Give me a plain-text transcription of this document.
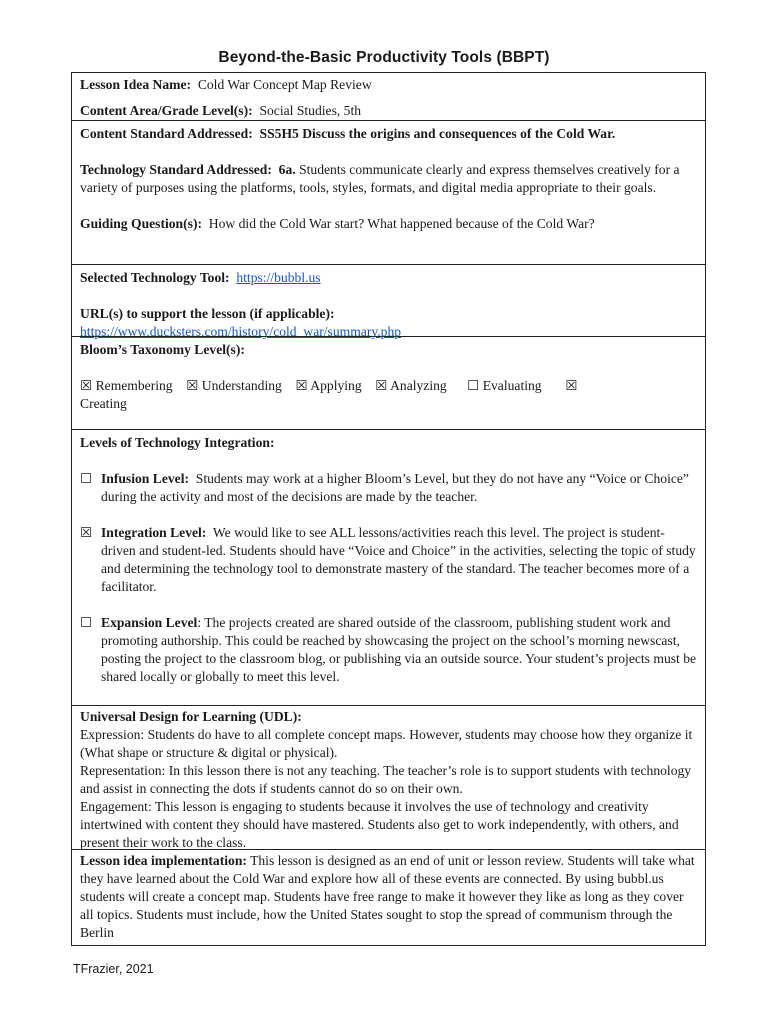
Beyond-the-Basic Productivity Tools (BBPT)

Lesson Idea Name: Cold War Concept Map Review

Content Area/Grade Level(s): Social Studies, 5th

Content Standard Addressed: SS5H5 Discuss the origins and consequences of the Cold War.

Technology Standard Addressed: 6a. Students communicate clearly and express themselves creatively for a variety of purposes using the platforms, tools, styles, formats, and digital media appropriate to their goals.

Guiding Question(s): How did the Cold War start? What happened because of the Cold War?

Selected Technology Tool: https://bubbl.us

URL(s) to support the lesson (if applicable):

https://www.ducksters.com/history/cold_war/summary.php

Bloom’s Taxonomy Level(s):

☒ Remembering ☒ Understanding ☒ Applying ☒ Analyzing	☐ Evaluating	☒
Creating

Levels of Technology Integration:

☐ Infusion Level: Students may work at a higher Bloom’s Level, but they do not have any “Voice or Choice” during the activity and most of the decisions are made by the teacher.

☒ Integration Level: We would like to see ALL lessons/activities reach this level. The project is student-driven and student-led. Students should have “Voice and Choice” in the activities, selecting the topic of study and determining the technology tool to demonstrate mastery of the standard. The teacher becomes more of a facilitator.

☐ Expansion Level: The projects created are shared outside of the classroom, publishing student work and promoting authorship. This could be reached by showcasing the project on the school’s morning newscast, posting the project to the classroom blog, or publishing via an outside source. Your student’s projects must be shared locally or globally to meet this level.

Universal Design for Learning (UDL):

Expression: Students do have to all complete concept maps. However, students may choose how they organize it (What shape or structure & digital or physical).

Representation: In this lesson there is not any teaching. The teacher’s role is to support students with technology and assist in connecting the dots if students cannot do so on their own.

Engagement: This lesson is engaging to students because it involves the use of technology and creativity intertwined with content they should have mastered. Students also get to work independently, with others, and present their work to the class.

Lesson idea implementation: This lesson is designed as an end of unit or lesson review. Students will take what they have learned about the Cold War and explore how all of these events are connected. By using bubbl.us students will create a concept map. Students have free range to make it however they like as long as they cover all topics. Students must include, how the United States sought to stop the spread of communism through the Berlin

TFrazier, 2021
